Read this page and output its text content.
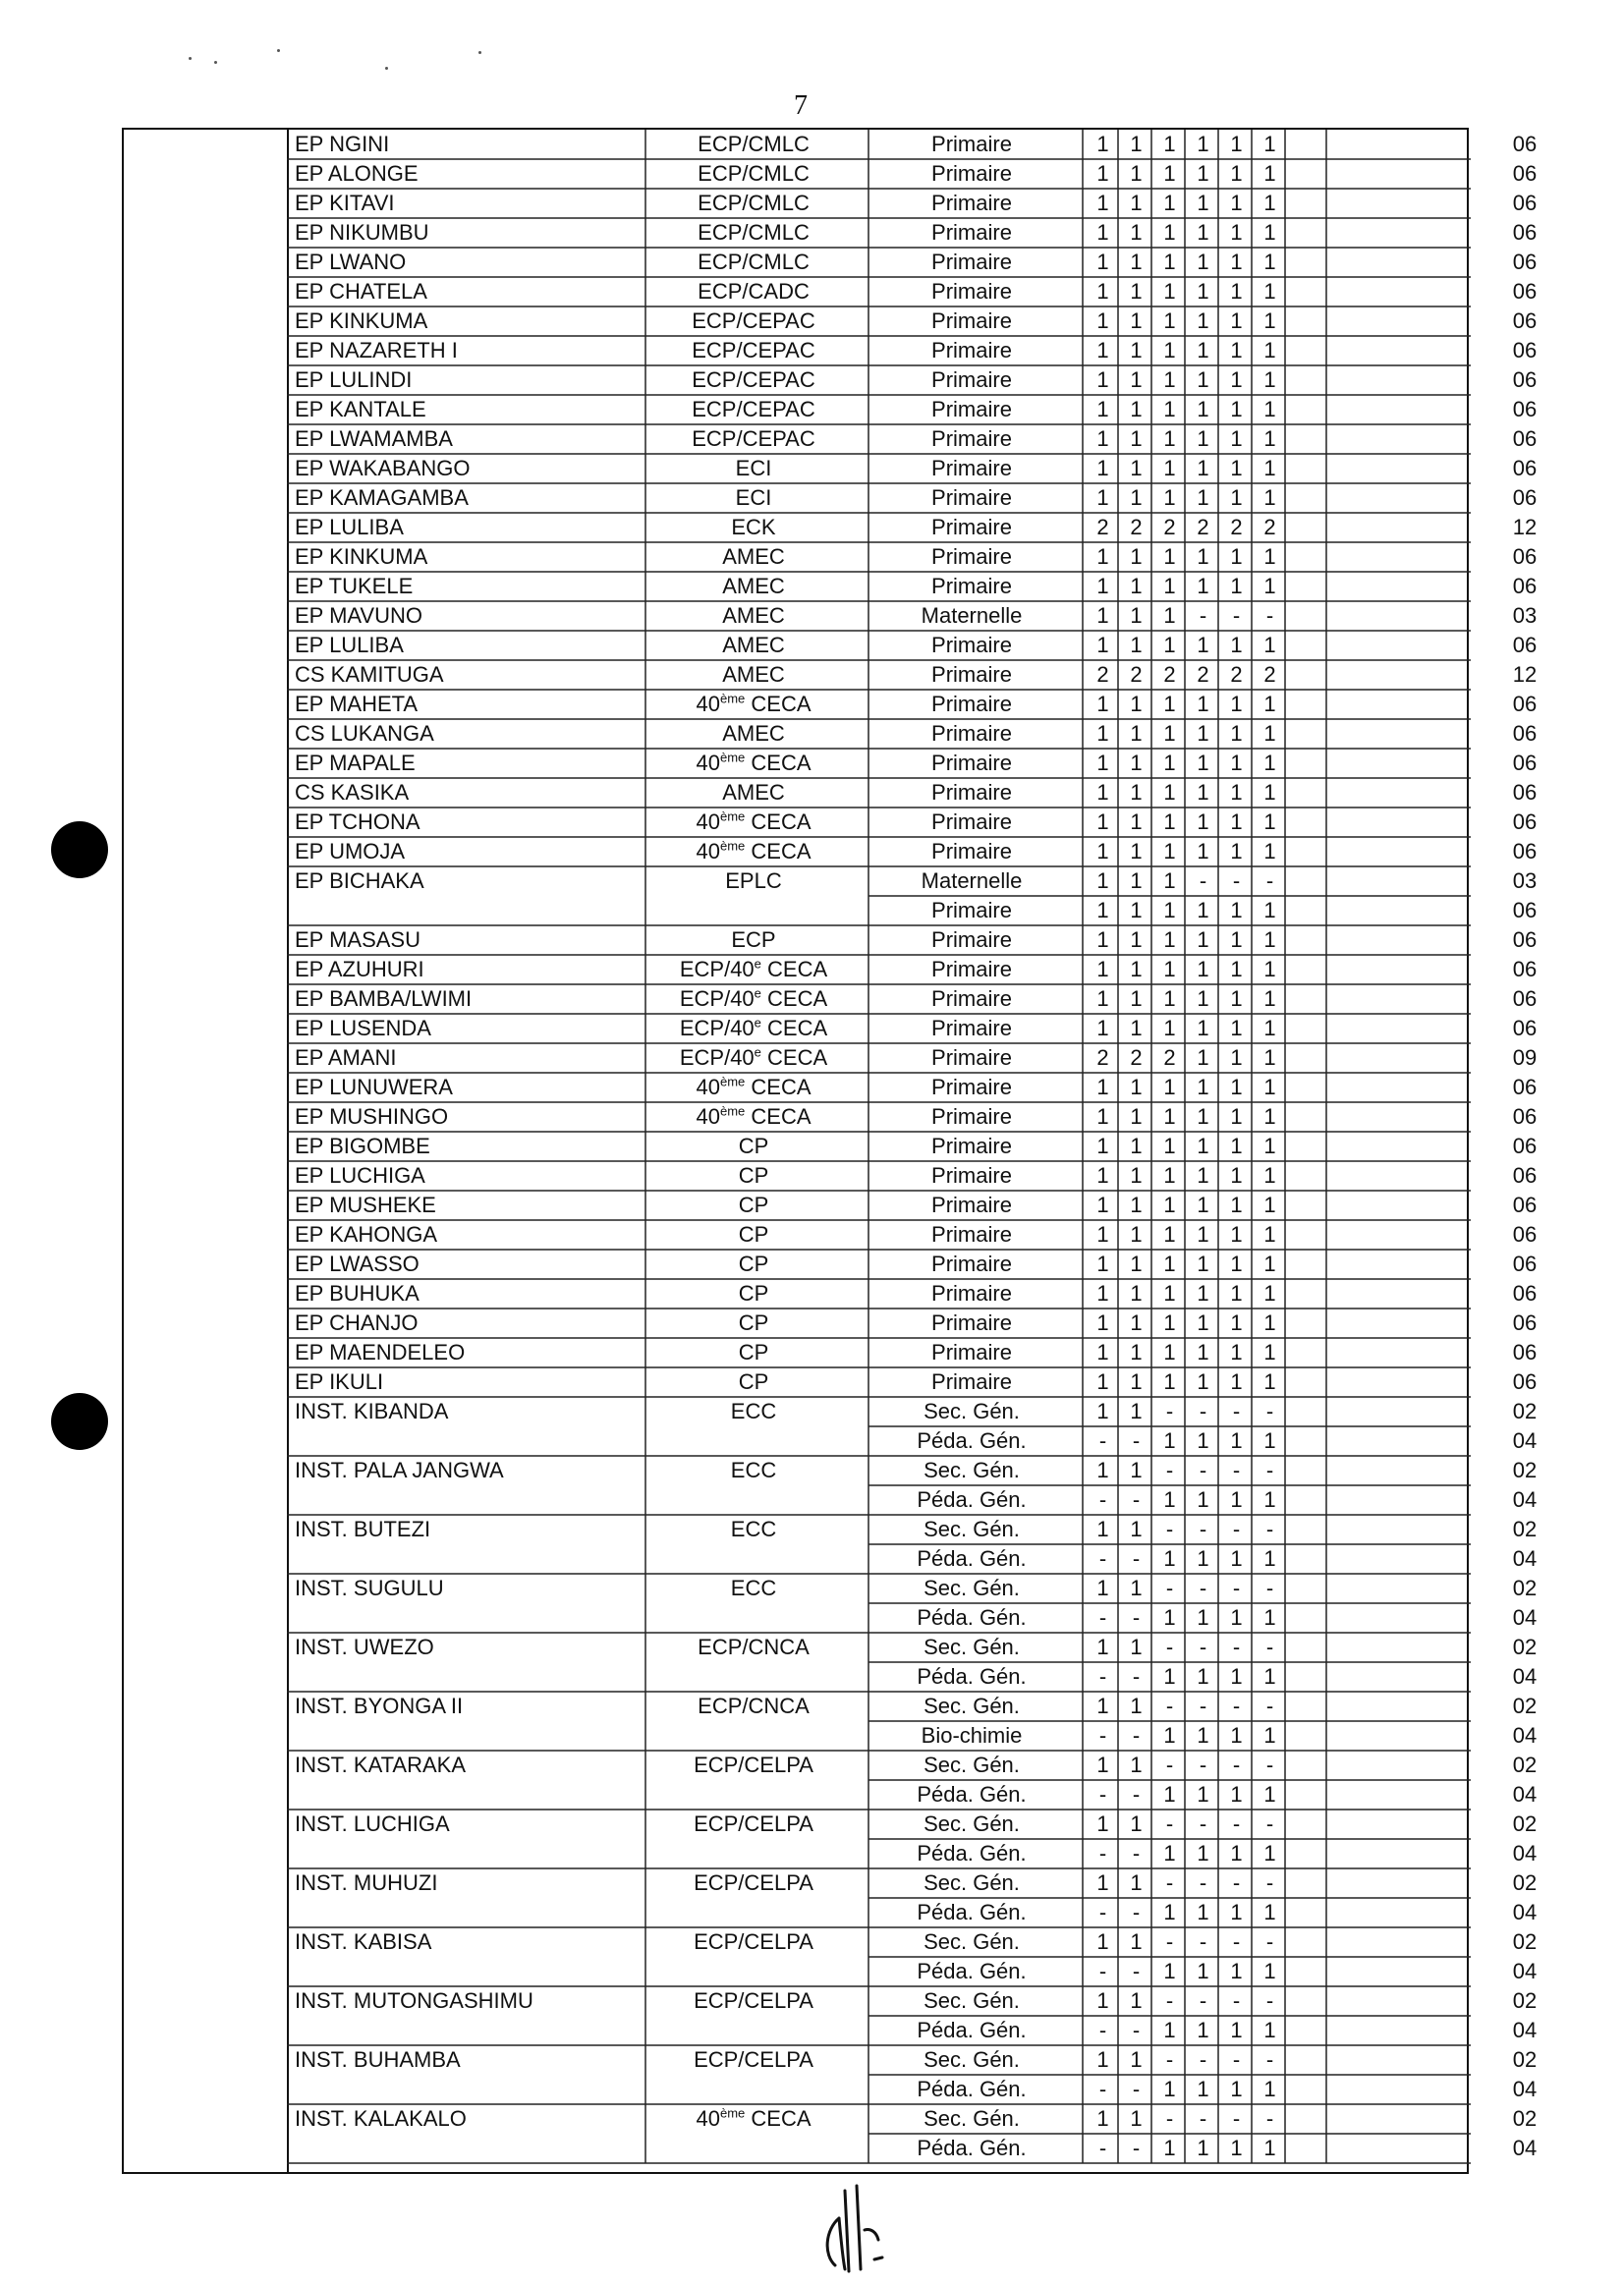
7
EP NGINI	ECP/CMLC	Primaire	1 1 1 1 1 1	06
EP ALONGE	ECP/CMLC	Primaire	1 1 1 1 1 1	06
EP KITAVI	ECP/CMLC	Primaire	1 1 1 1 1 1	06
EP NIKUMBU	ECP/CMLC	Primaire	1 1 1 1 1 1	06
EP LWANO	ECP/CMLC	Primaire	1 1 1 1 1 1	06
EP CHATELA	ECP/CADC	Primaire	1 1 1 1 1 1	06
EP KINKUMA	ECP/CEPAC	Primaire	1 1 1 1 1 1	06
EP NAZARETH I	ECP/CEPAC	Primaire	1 1 1 1 1 1	06
EP LULINDI	ECP/CEPAC	Primaire	1 1 1 1 1 1	06
EP KANTALE	ECP/CEPAC	Primaire	1 1 1 1 1 1	06
EP LWAMAMBA	ECP/CEPAC	Primaire	1 1 1 1 1 1	06
EP WAKABANGO	ECI	Primaire	1 1 1 1 1 1	06
EP KAMAGAMBA	ECI	Primaire	1 1 1 1 1 1	06
EP LULIBA	ECK	Primaire	2 2 2 2 2 2	12
EP KINKUMA	AMEC	Primaire	1 1 1 1 1 1	06
EP TUKELE	AMEC	Primaire	1 1 1 1 1 1	06
EP MAVUNO	AMEC	Maternelle	1 1 1	-	-	-	03
EP LULIBA	AMEC	Primaire	1 1 1 1 1 1	06
CS KAMITUGA	AMEC	Primaire	2 2 2 2 2 2	12
EP MAHETA	40ème CECA	Primaire	1 1 1 1 1 1	06
CS LUKANGA	AMEC	Primaire	1 1 1 1 1 1	06
EP MAPALE	40ème CECA	Primaire	1 1 1 1 1 1	06
CS KASIKA	AMEC	Primaire	1 1 1 1 1 1	06
EP TCHONA	40ème CECA	Primaire	1 1 1 1 1 1	06
EP UMOJA	40ème CECA	Primaire	1 1 1 1 1 1	06
EP BICHAKA	EPLC	Maternelle	1 1 1	-	-	-	03
Primaire	1 1 1 1 1 1	06
EP MASASU	ECP	Primaire	1 1 1 1 1 1	06
EP AZUHURI	ECP/40e CECA	Primaire	1 1 1 1 1 1	06
EP BAMBA/LWIMI	ECP/40e CECA	Primaire	1 1 1 1 1 1	06
EP LUSENDA	ECP/40e CECA	Primaire	1 1 1 1 1 1	06
EP AMANI	ECP/40e CECA	Primaire	2 2 2 1 1 1	09
EP LUNUWERA	40ème CECA	Primaire	1 1 1 1 1 1	06
EP MUSHINGO	40ème CECA	Primaire	1 1 1 1 1 1	06
EP BIGOMBE	CP	Primaire	1 1 1 1 1 1	06
EP LUCHIGA	CP	Primaire	1 1 1 1 1 1	06
EP MUSHEKE	CP	Primaire	1 1 1 1 1 1	06
EP KAHONGA	CP	Primaire	1 1 1 1 1 1	06
EP LWASSO	CP	Primaire	1 1 1 1 1 1	06
EP BUHUKA	CP	Primaire	1 1 1 1 1 1	06
EP CHANJO	CP	Primaire	1 1 1 1 1 1	06
EP MAENDELEO	CP	Primaire	1 1 1 1 1 1	06
EP IKULI	CP	Primaire	1 1 1 1 1 1	06
INST. KIBANDA	ECC	Sec. Gén.	1 1	-	-	-	-	02
Péda. Gén.	-	-	1 1 1 1	04
INST. PALA JANGWA	ECC	Sec. Gén.	1 1	-	-	-	-	02
Péda. Gén.	-	-	1 1 1 1	04
INST. BUTEZI	ECC	Sec. Gén.	1 1	-	-	-	-	02
Péda. Gén.	-	-	1 1 1 1	04
INST. SUGULU	ECC	Sec. Gén.	1 1	-	-	-	-	02
Péda. Gén.	-	-	1 1 1 1	04
INST. UWEZO	ECP/CNCA	Sec. Gén.	1 1	-	-	-	-	02
Péda. Gén.	-	-	1 1 1 1	04
INST. BYONGA II	ECP/CNCA	Sec. Gén.	1 1	-	-	-	-	02
Bio-chimie	-	-	1 1 1 1	04
INST. KATARAKA	ECP/CELPA	Sec. Gén.	1 1	-	-	-	-	02
Péda. Gén.	-	-	1 1 1 1	04
INST. LUCHIGA	ECP/CELPA	Sec. Gén.	1 1	-	-	-	-	02
Péda. Gén.	-	-	1 1 1 1	04
INST. MUHUZI	ECP/CELPA	Sec. Gén.	1 1	-	-	-	-	02
Péda. Gén.	-	-	1 1 1 1	04
INST. KABISA	ECP/CELPA	Sec. Gén.	1 1	-	-	-	-	02
Péda. Gén.	-	-	1 1 1 1	04
INST. MUTONGASHIMU	ECP/CELPA	Sec. Gén.	1 1	-	-	-	-	02
Péda. Gén.	-	-	1 1 1 1	04
INST. BUHAMBA	ECP/CELPA	Sec. Gén.	1 1	-	-	-	-	02
Péda. Gén.	-	-	1 1 1 1	04
INST. KALAKALO	40ème CECA	Sec. Gén.	1 1	-	-	-	-	02
Péda. Gén.	-	-	1 1 1 1	04
